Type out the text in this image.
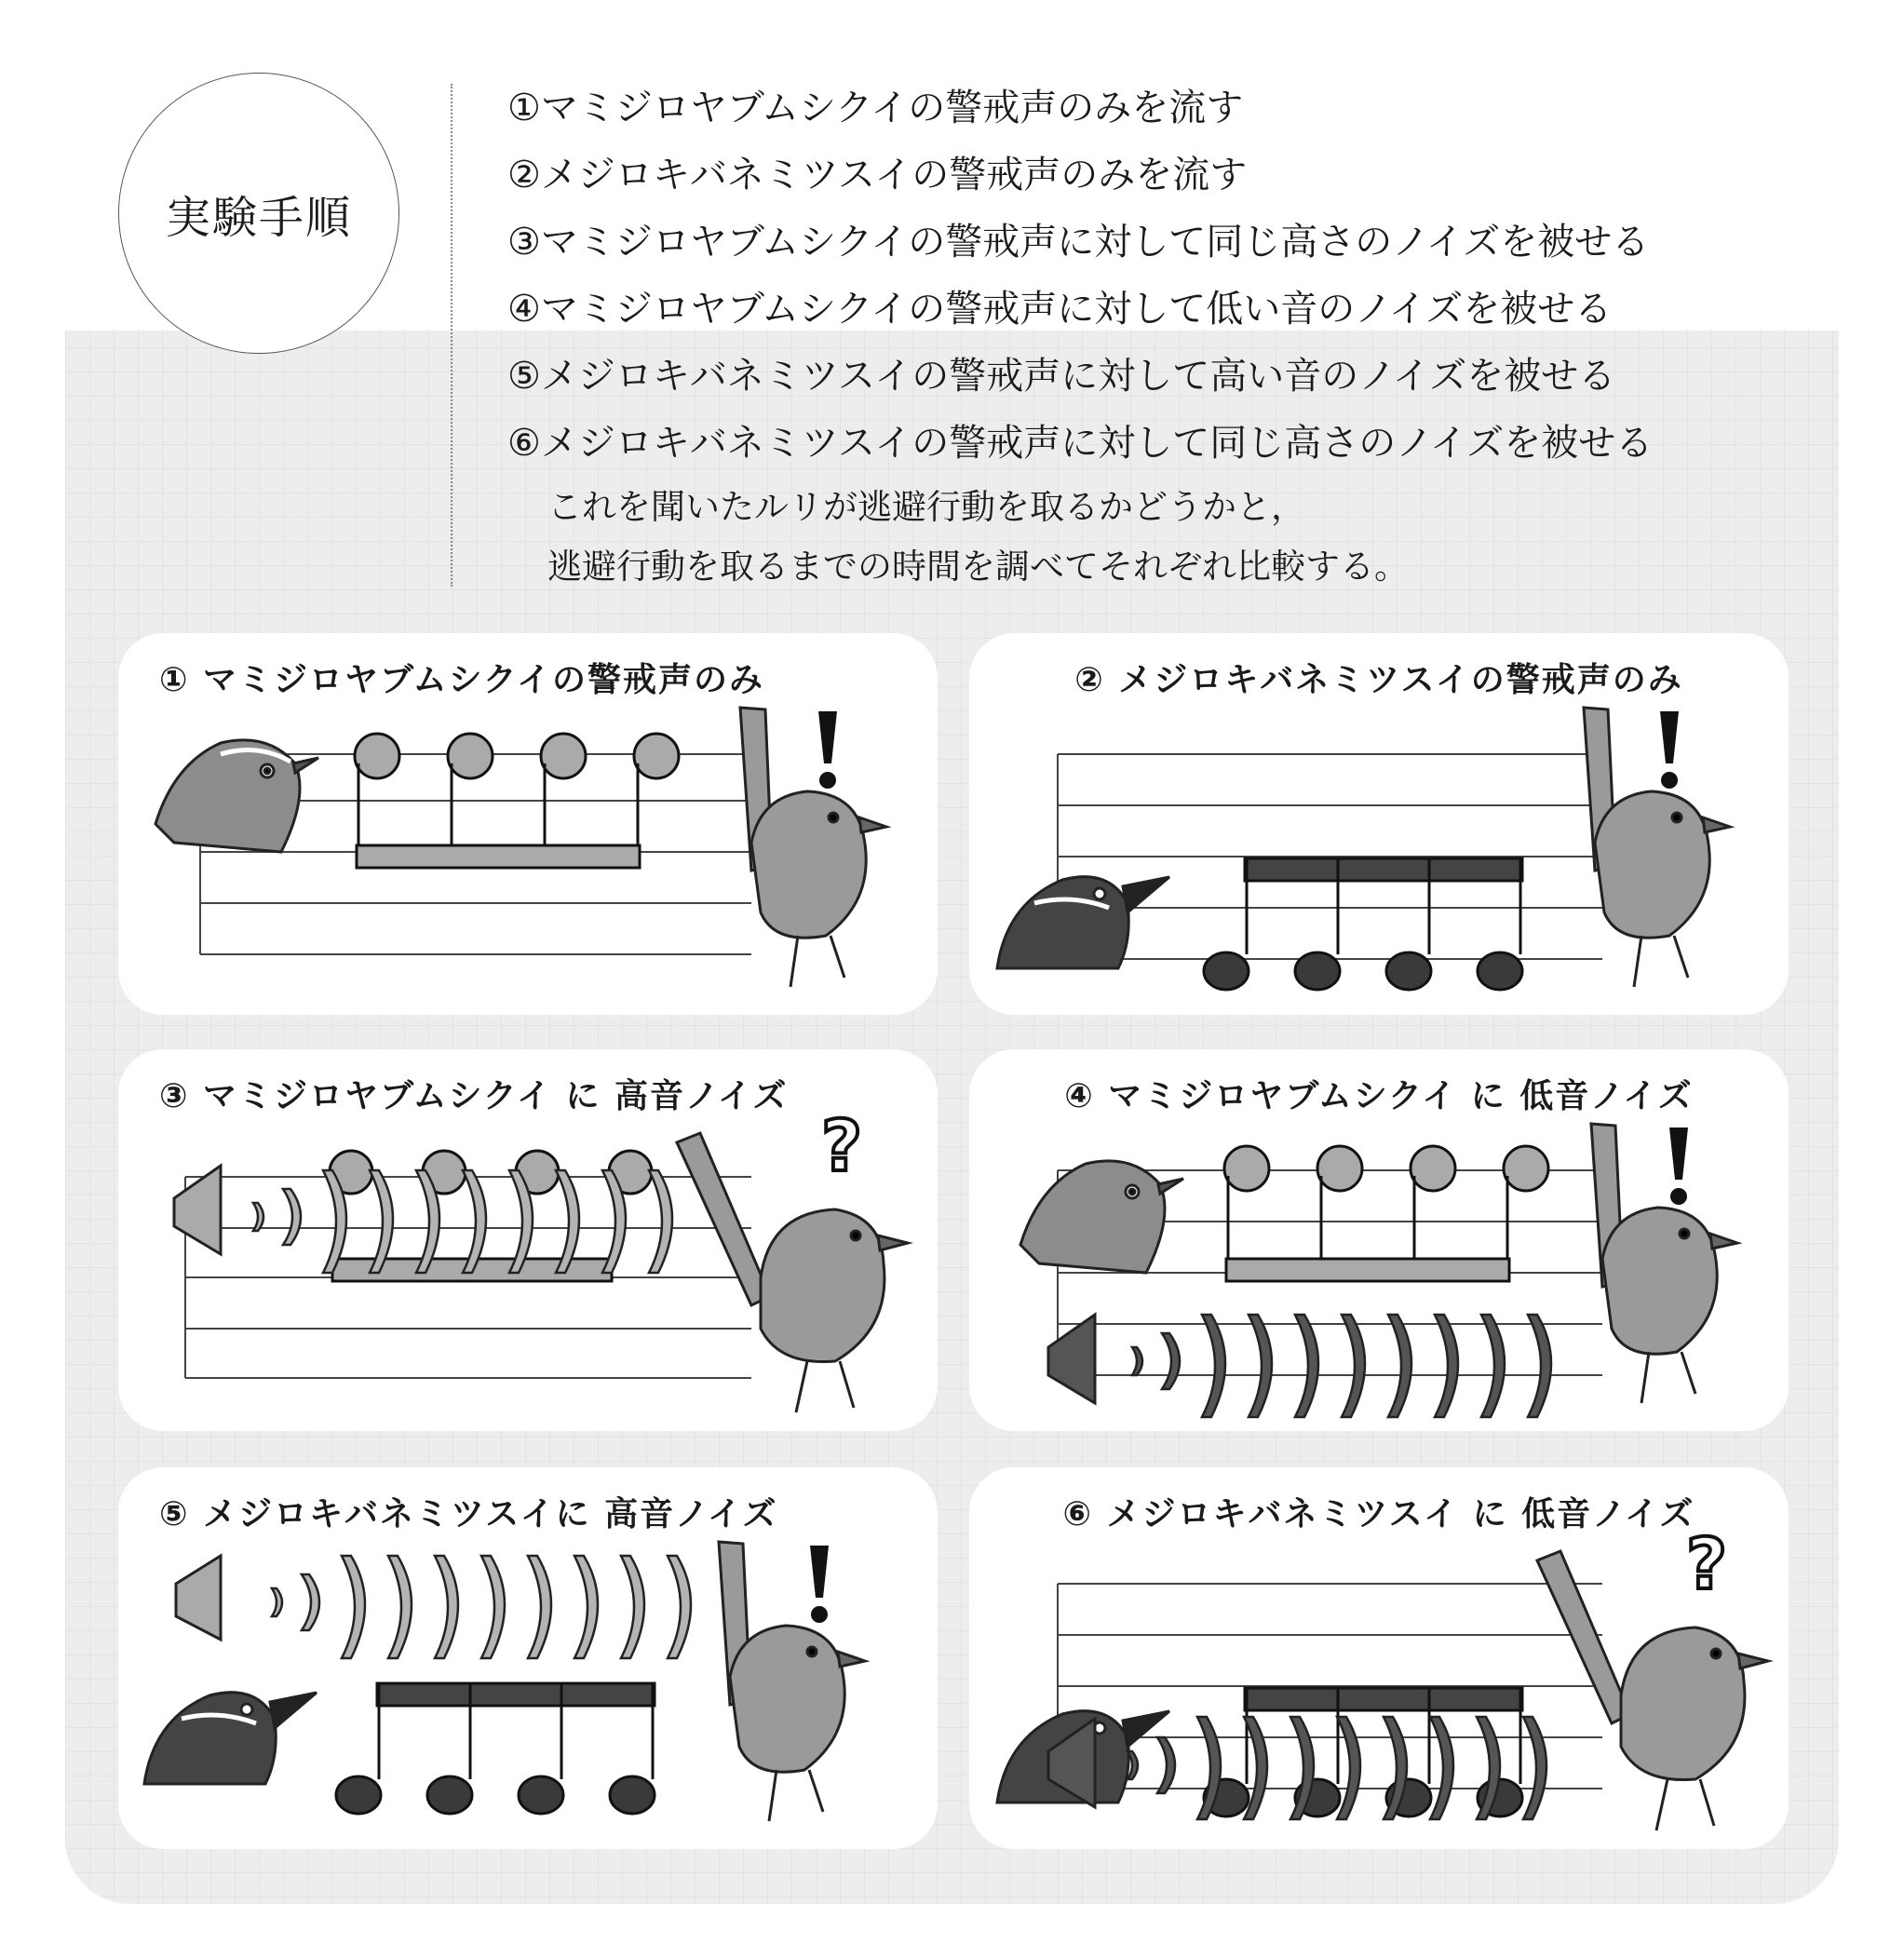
実験手順
①マミジロヤブムシクイの警戒声のみを流す
②メジロキバネミツスイの警戒声のみを流す
③マミジロヤブムシクイの警戒声に対して同じ高さのノイズを被せる
④マミジロヤブムシクイの警戒声に対して低い音のノイズを被せる
⑤メジロキバネミツスイの警戒声に対して高い音のノイズを被せる
⑥メジロキバネミツスイの警戒声に対して同じ高さのノイズを被せる
これを聞いたルリが逃避行動を取るかどうかと，
逃避行動を取るまでの時間を調べてそれぞれ比較する。
① マミジロヤブムシクイの警戒声のみ	② メジロキバネミツスイの警戒声のみ
③ マミジロヤブムシクイ に 高音ノイズ
?
④ マミジロヤブムシクイ に 低音ノイズ
⑤ メジロキバネミツスイに 高音ノイズ	⑥ メジロキバネミツスイ に 低音ノイズ
?
